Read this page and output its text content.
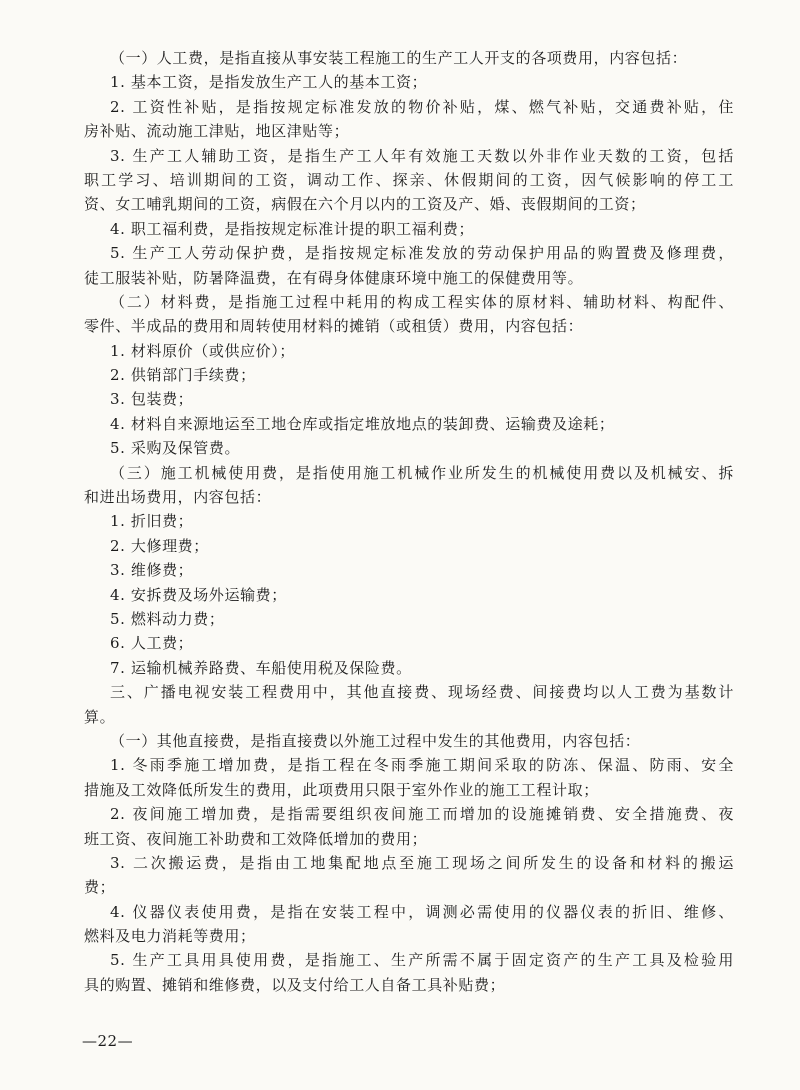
（一）人工费，是指直接从事安装工程施工的生产工人开支的各项费用，内容包括：
1. 基本工资，是指发放生产工人的基本工资；
2. 工资性补贴，是指按规定标准发放的物价补贴，煤、燃气补贴，交通费补贴，住
房补贴、流动施工津贴，地区津贴等；
3. 生产工人辅助工资，是指生产工人年有效施工天数以外非作业天数的工资，包括
职工学习、培训期间的工资，调动工作、探亲、休假期间的工资，因气候影响的停工工
资、女工哺乳期间的工资，病假在六个月以内的工资及产、婚、丧假期间的工资；
4. 职工福利费，是指按规定标准计提的职工福利费；
5. 生产工人劳动保护费，是指按规定标准发放的劳动保护用品的购置费及修理费，
徒工服装补贴，防暑降温费，在有碍身体健康环境中施工的保健费用等。
（二）材料费，是指施工过程中耗用的构成工程实体的原材料、辅助材料、构配件、
零件、半成品的费用和周转使用材料的摊销（或租赁）费用，内容包括：
1. 材料原价（或供应价）；
2. 供销部门手续费；
3. 包装费；
4. 材料自来源地运至工地仓库或指定堆放地点的装卸费、运输费及途耗；
5. 采购及保管费。
（三）施工机械使用费，是指使用施工机械作业所发生的机械使用费以及机械安、拆
和进出场费用，内容包括：
1. 折旧费；
2. 大修理费；
3. 维修费；
4. 安拆费及场外运输费；
5. 燃料动力费；
6. 人工费；
7. 运输机械养路费、车船使用税及保险费。
三、广播电视安装工程费用中，其他直接费、现场经费、间接费均以人工费为基数计
算。
（一）其他直接费，是指直接费以外施工过程中发生的其他费用，内容包括：
1. 冬雨季施工增加费，是指工程在冬雨季施工期间采取的防冻、保温、防雨、安全
措施及工效降低所发生的费用，此项费用只限于室外作业的施工工程计取；
2. 夜间施工增加费，是指需要组织夜间施工而增加的设施摊销费、安全措施费、夜
班工资、夜间施工补助费和工效降低增加的费用；
3. 二次搬运费，是指由工地集配地点至施工现场之间所发生的设备和材料的搬运
费；
4. 仪器仪表使用费，是指在安装工程中，调测必需使用的仪器仪表的折旧、维修、
燃料及电力消耗等费用；
5. 生产工具用具使用费，是指施工、生产所需不属于固定资产的生产工具及检验用
具的购置、摊销和维修费，以及支付给工人自备工具补贴费；
—22—
